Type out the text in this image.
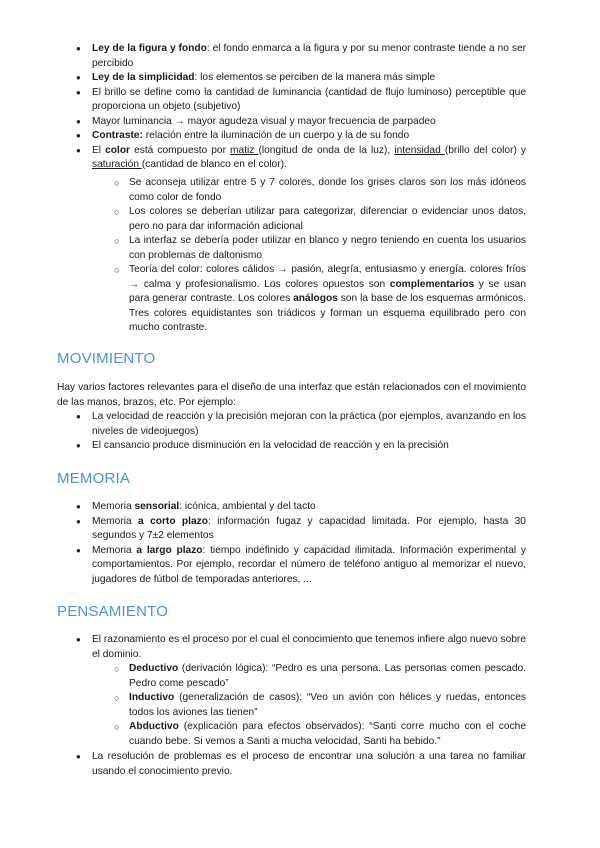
● Ley de la figura y fondo: el fondo enmarca a la figura y por su menor contraste tiende a no ser percibido
● Ley de la simplicidad: los elementos se perciben de la manera más simple
● El brillo se define como la cantidad de luminancia (cantidad de flujo luminoso) perceptible que proporciona un objeto (subjetivo)
● Mayor luminancia → mayor agudeza visual y mayor frecuencia de parpadeo
● Contraste: relación entre la iluminación de un cuerpo y la de su fondo
● El color está compuesto por matiz (longitud de onda de la luz), intensidad (brillo del color) y saturación (cantidad de blanco en el color).
○ Se aconseja utilizar entre 5 y 7 colores, donde los grises claros son los más idóneos como color de fondo
○ Los colores se deberían utilizar para categorizar, diferenciar o evidenciar unos datos, pero no para dar información adicional
○ La interfaz se debería poder utilizar en blanco y negro teniendo en cuenta los usuarios con problemas de daltonismo
○ Teoría del color: colores cálidos → pasión, alegría, entusiasmo y energía. colores fríos → calma y profesionalismo. Los colores opuestos son complementarios y se usan para generar contraste. Los colores análogos son la base de los esquemas armónicos. Tres colores equidistantes son triádicos y forman un esquema equilibrado pero con mucho contraste.
MOVIMIENTO
Hay varios factores relevantes para el diseño de una interfaz que están relacionados con el movimiento de las manos, brazos, etc. Por ejemplo:
● La velocidad de reacción y la precisión mejoran con la práctica (por ejemplos, avanzando en los niveles de videojuegos)
● El cansancio produce disminución en la velocidad de reacción y en la precisión
MEMORIA
● Memoria sensorial: icónica, ambiental y del tacto
● Memoria a corto plazo: información fugaz y capacidad limitada. Por ejemplo, hasta 30 segundos y 7±2 elementos
● Memoria a largo plazo: tiempo indefinido y capacidad ilimitada. Información experimental y comportamientos. Por ejemplo, recordar el número de teléfono antiguo al memorizar el nuevo, jugadores de fútbol de temporadas anteriores, ...
PENSAMIENTO
● El razonamiento es el proceso por el cual el conocimiento que tenemos infiere algo nuevo sobre el dominio.
○ Deductivo (derivación lógica): “Pedro es una persona. Las personas comen pescado. Pedro come pescado”
○ Inductivo (generalización de casos): “Veo un avión con hélices y ruedas, entonces todos los aviones las tienen”
○ Abductivo (explicación para efectos observados): “Santi corre mucho con el coche cuando bebe. Si vemos a Santi a mucha velocidad, Santi ha bebido.”
● La resolución de problemas es el proceso de encontrar una solución a una tarea no familiar usando el conocimiento previo.
